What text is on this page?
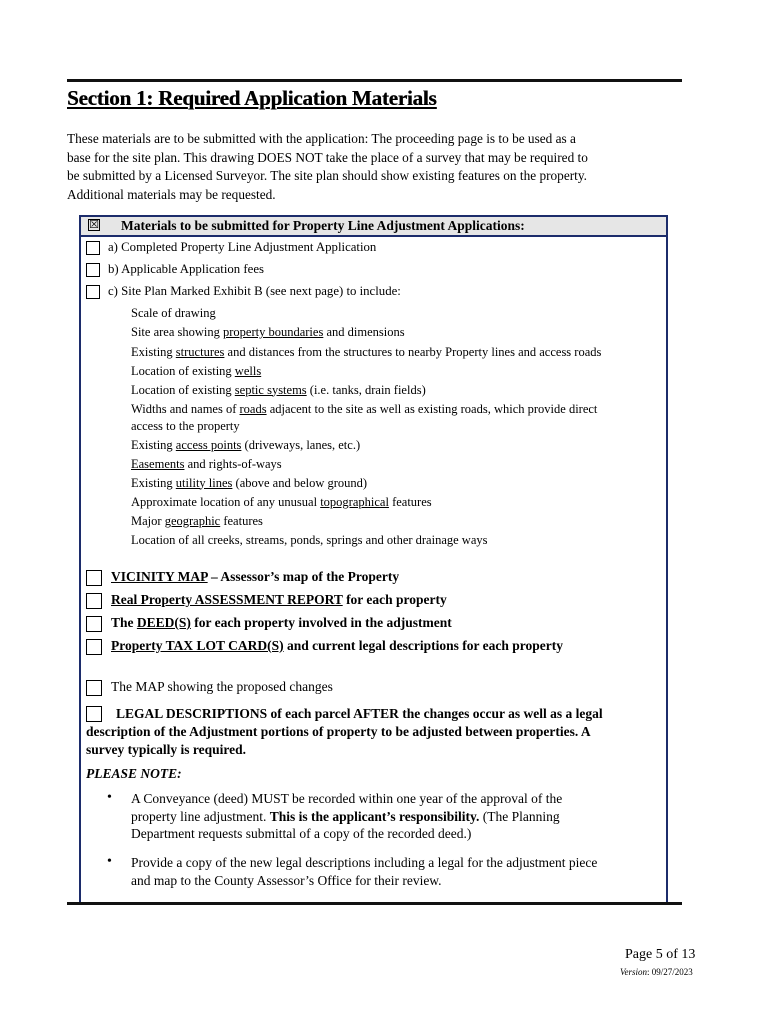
Section 1: Required Application Materials
These materials are to be submitted with the application: The proceeding page is to be used as a
base for the site plan. This drawing DOES NOT take the place of a survey that may be required to
be submitted by a Licensed Surveyor. The site plan should show existing features on the property.
Additional materials may be requested.
☒ Materials to be submitted for Property Line Adjustment Applications:
a) Completed Property Line Adjustment Application
b) Applicable Application fees
c) Site Plan Marked Exhibit B (see next page) to include:
Scale of drawing
Site area showing property boundaries and dimensions
Existing structures and distances from the structures to nearby Property lines and access roads
Location of existing wells
Location of existing septic systems (i.e. tanks, drain fields)
Widths and names of roads adjacent to the site as well as existing roads, which provide direct
access to the property
Existing access points (driveways, lanes, etc.)
Easements and rights-of-ways
Existing utility lines (above and below ground)
Approximate location of any unusual topographical features
Major geographic features
Location of all creeks, streams, ponds, springs and other drainage ways
VICINITY MAP – Assessor’s map of the Property
Real Property ASSESSMENT REPORT for each property
The DEED(S) for each property involved in the adjustment
Property TAX LOT CARD(S) and current legal descriptions for each property
The MAP showing the proposed changes
LEGAL DESCRIPTIONS of each parcel AFTER the changes occur as well as a legal
description of the Adjustment portions of property to be adjusted between properties. A
survey typically is required.
PLEASE NOTE:
• A Conveyance (deed) MUST be recorded within one year of the approval of the
property line adjustment. This is the applicant’s responsibility. (The Planning
Department requests submittal of a copy of the recorded deed.)
• Provide a copy of the new legal descriptions including a legal for the adjustment piece
and map to the County Assessor’s Office for their review.
Page 5 of 13
Version: 09/27/2023
